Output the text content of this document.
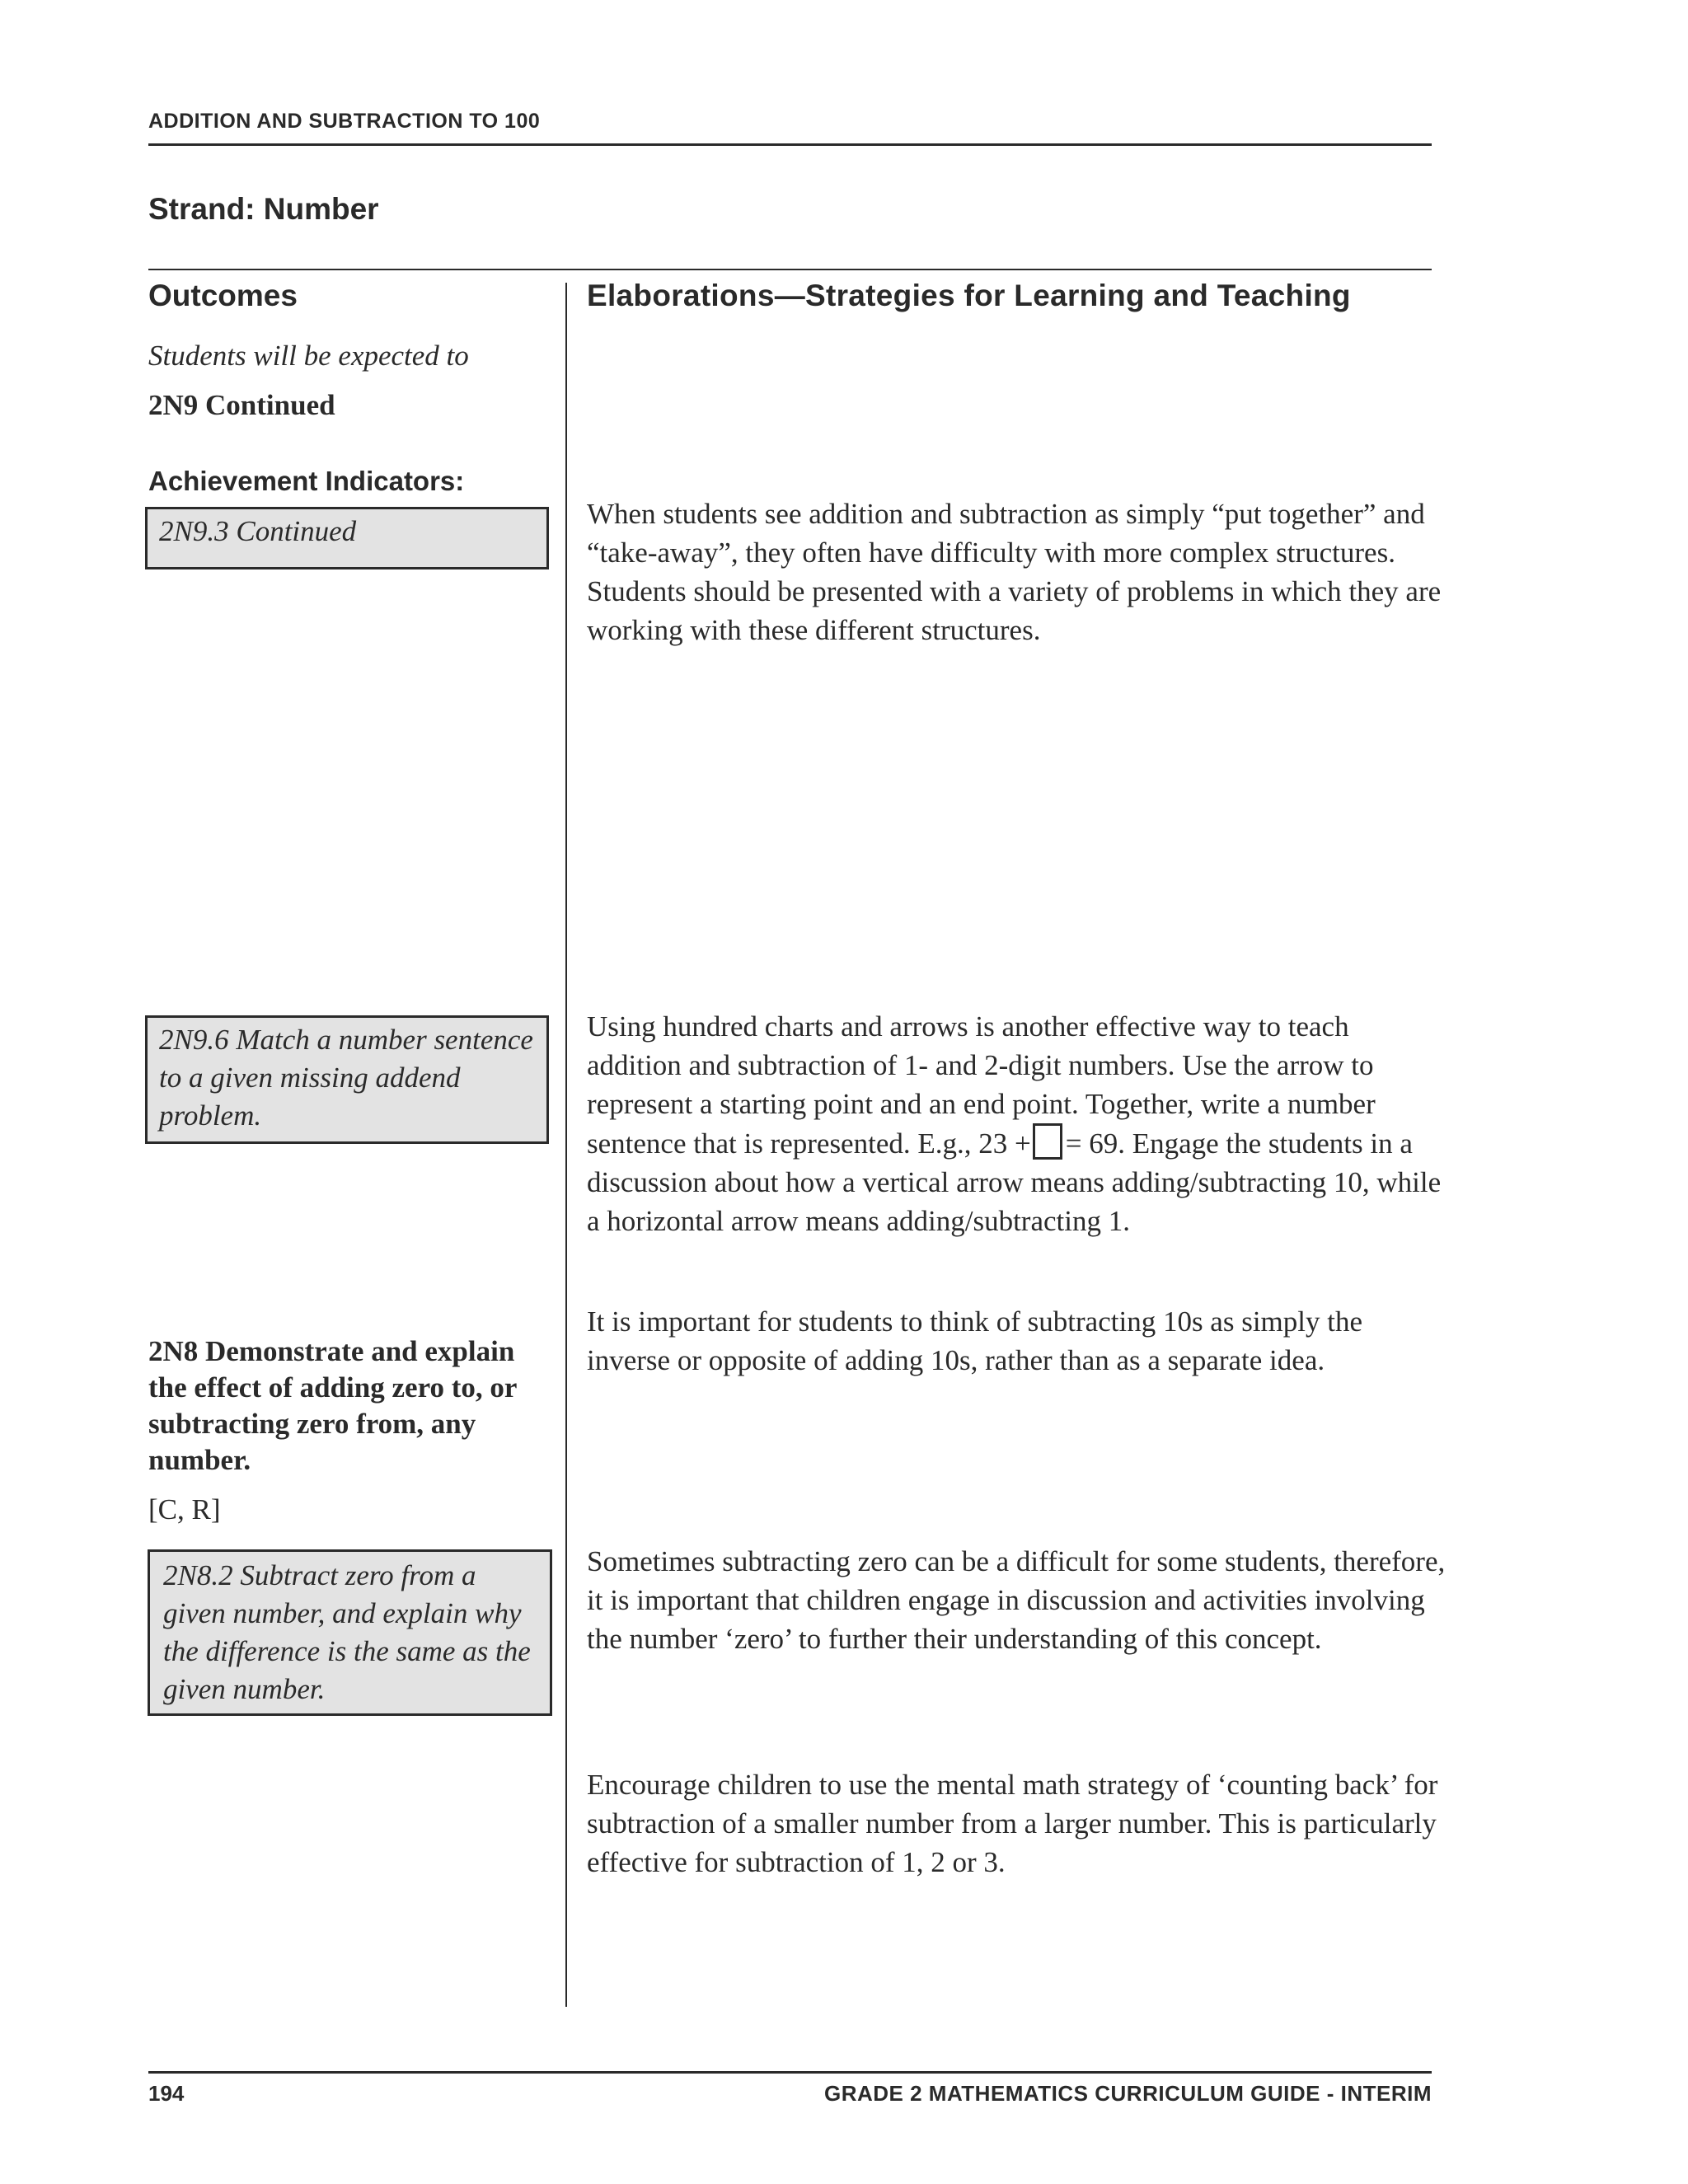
ADDITION AND SUBTRACTION TO 100
Strand: Number
Outcomes	Elaborations—Strategies for Learning and Teaching
Students will be expected to
2N9 Continued
Achievement Indicators:
2N9.3 Continued
2N9.6 Match a number sentence to a given missing addend problem.
2N8 Demonstrate and explain the effect of adding zero to, or subtracting zero from, any number.
[C, R]
2N8.2 Subtract zero from a given number, and explain why the difference is the same as the given number.

When students see addition and subtraction as simply “put together” and “take-away”, they often have difficulty with more complex structures. Students should be presented with a variety of problems in which they are working with these different structures.

Using hundred charts and arrows is another effective way to teach addition and subtraction of 1- and 2-digit numbers. Use the arrow to represent a starting point and an end point. Together, write a number sentence that is represented. E.g., 23 + = 69. Engage the students in a discussion about how a vertical arrow means adding/subtracting 10, while a horizontal arrow means adding/subtracting 1.

It is important for students to think of subtracting 10s as simply the inverse or opposite of adding 10s, rather than as a separate idea.

Sometimes subtracting zero can be a difficult for some students, therefore, it is important that children engage in discussion and activities involving the number ‘zero’ to further their understanding of this concept.

Encourage children to use the mental math strategy of ‘counting back’ for subtraction of a smaller number from a larger number. This is particularly effective for subtraction of 1, 2 or 3.

194	GRADE 2 MATHEMATICS CURRICULUM GUIDE - INTERIM
